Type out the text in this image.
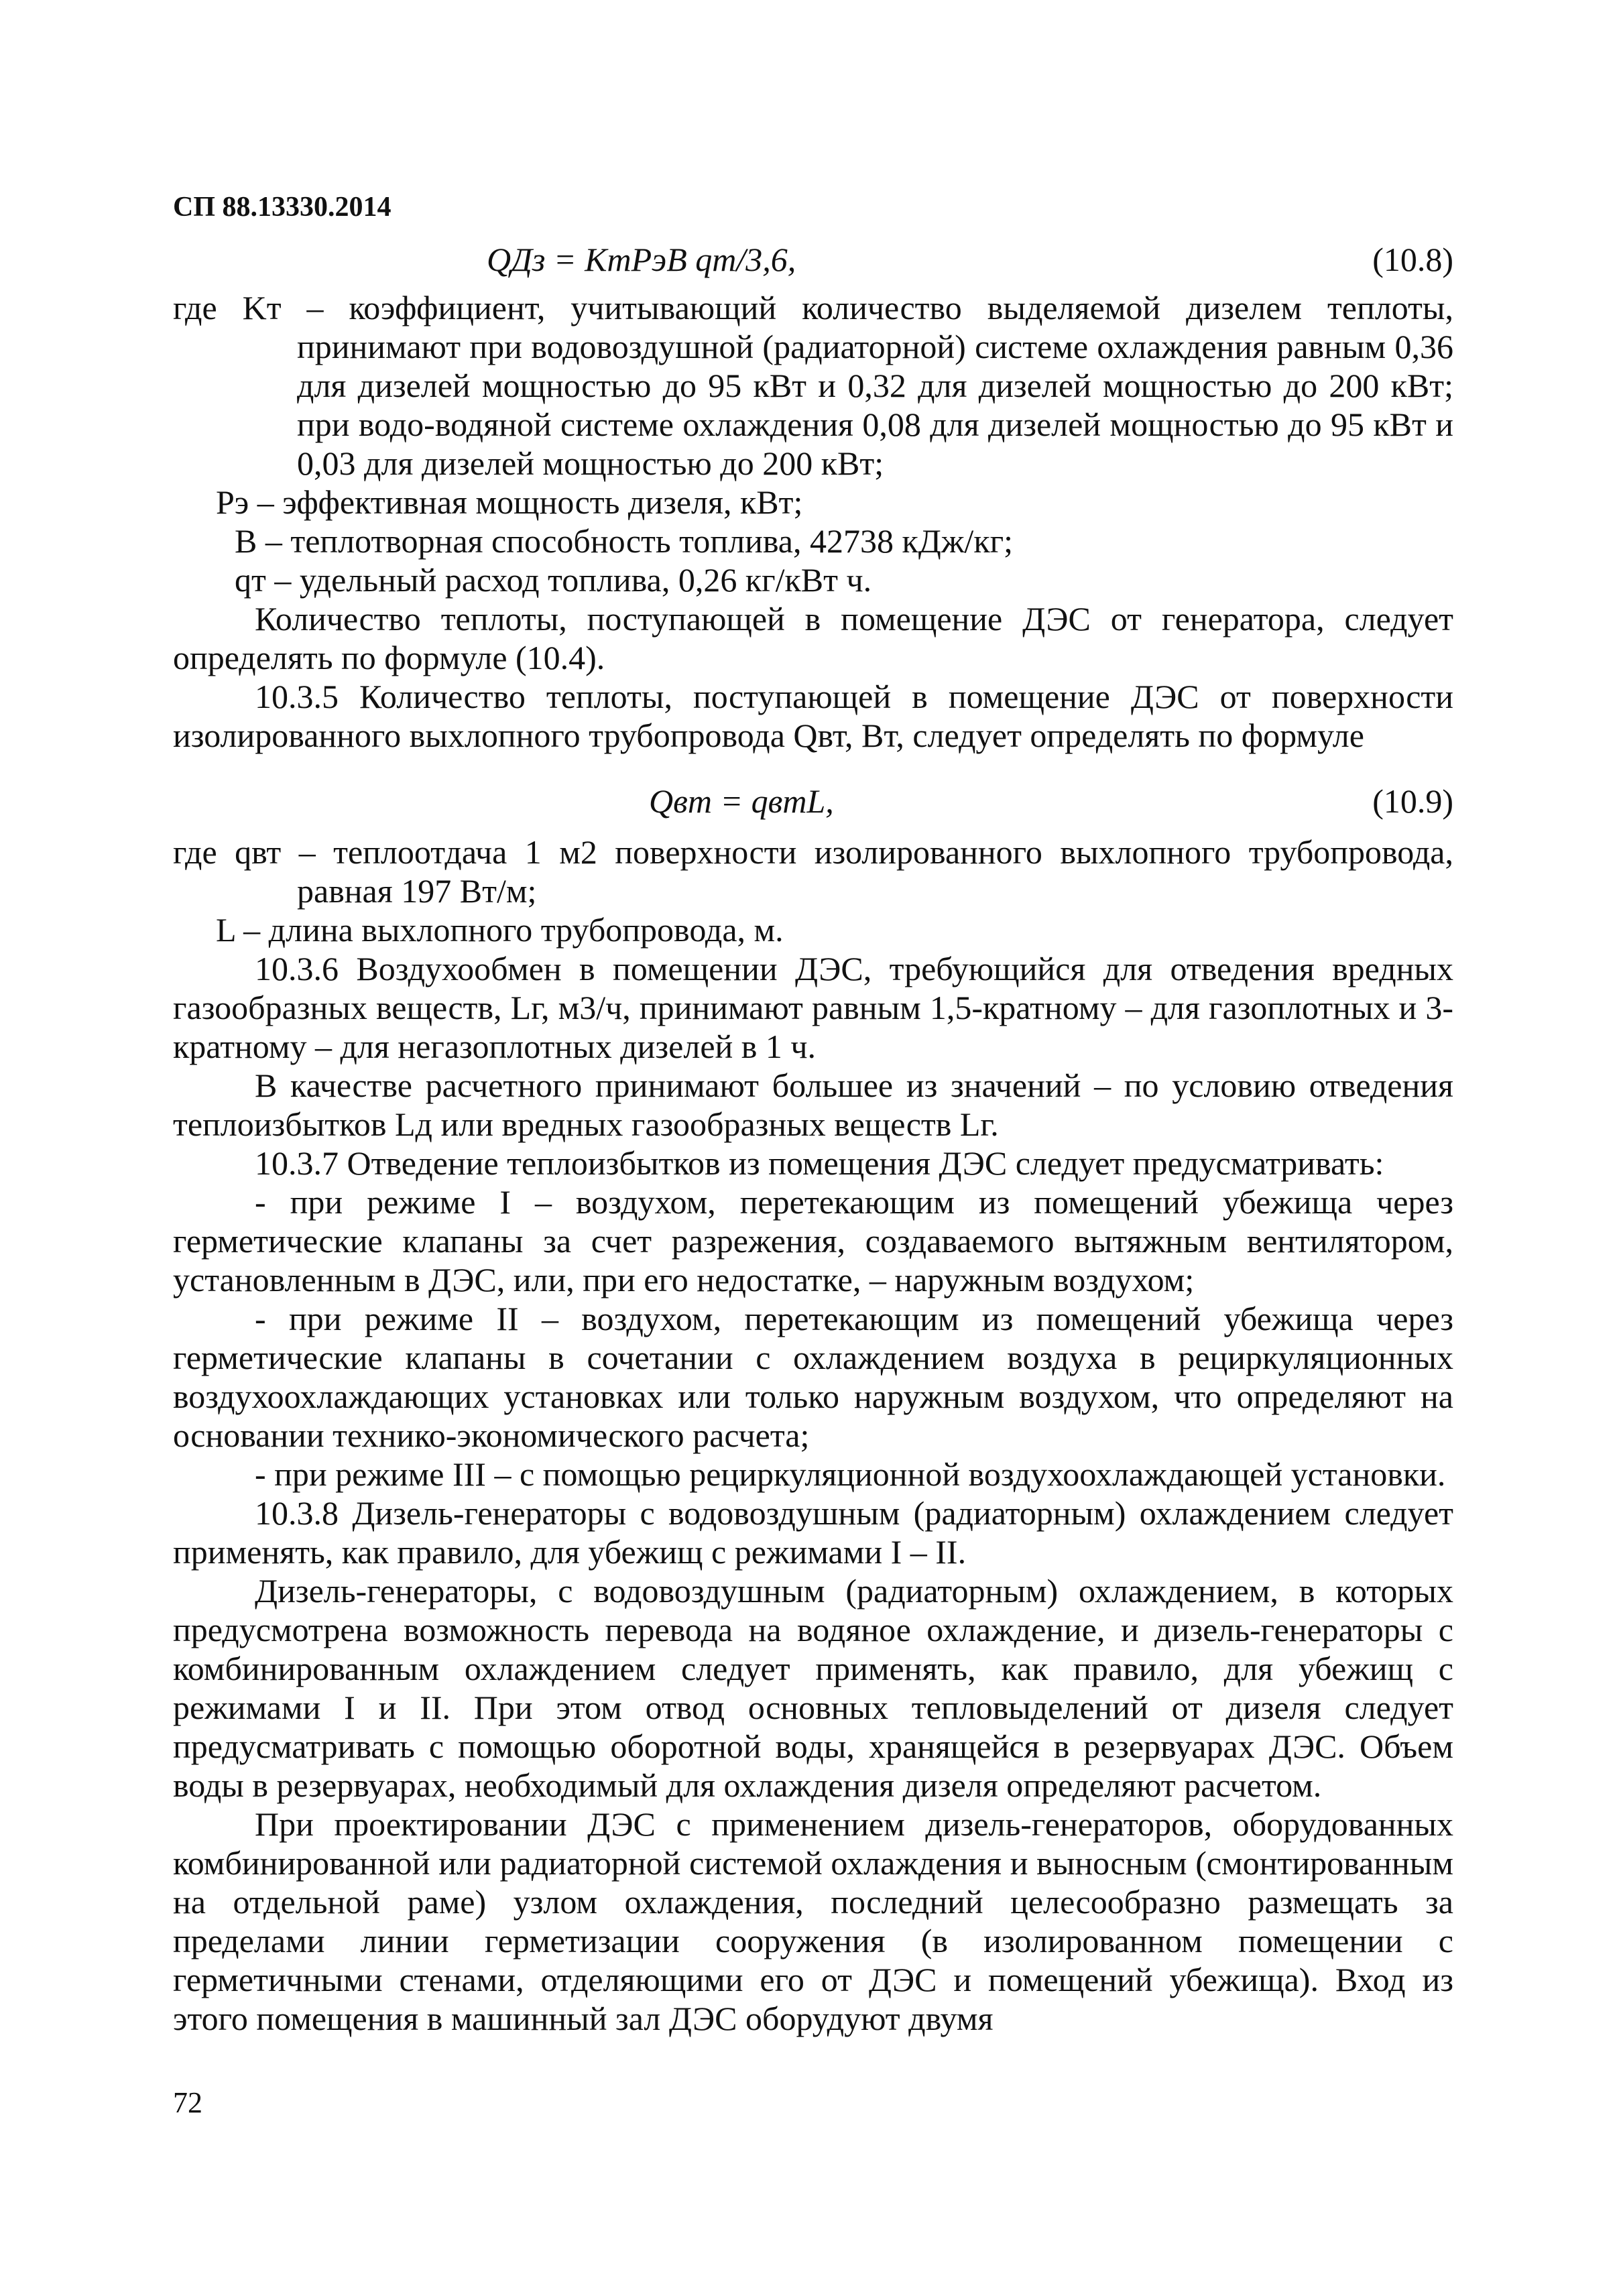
СП 88.13330.2014
QДз = KтPэB qт/3,6,	(10.8)

где Kт – коэффициент, учитывающий количество выделяемой дизелем теплоты, принимают при водовоздушной (радиаторной) системе охлаждения равным 0,36 для дизелей мощностью до 95 кВт и 0,32 для дизелей мощностью до 200 кВт; при водо-водяной системе охлаждения 0,08 для дизелей мощностью до 95 кВт и 0,03 для дизелей мощностью до 200 кВт;

Pэ – эффективная мощность дизеля, кВт;

B – теплотворная способность топлива, 42738 кДж/кг;

qт – удельный расход топлива, 0,26 кг/кВт ч.

Количество теплоты, поступающей в помещение ДЭС от генератора, следует определять по формуле (10.4).

10.3.5 Количество теплоты, поступающей в помещение ДЭС от поверхности изолированного выхлопного трубопровода Qвт, Вт, следует определять по формуле

Qвт = qвтL,	(10.9)

где qвт – теплоотдача 1 м2 поверхности изолированного выхлопного трубопровода, равная 197 Вт/м;

L – длина выхлопного трубопровода, м.

10.3.6 Воздухообмен в помещении ДЭС, требующийся для отведения вредных газообразных веществ, Lг, м3/ч, принимают равным 1,5-кратному – для газоплотных и 3-кратному – для негазоплотных дизелей в 1 ч.

В качестве расчетного принимают большее из значений – по условию отведения теплоизбытков Lд или вредных газообразных веществ Lг.

10.3.7 Отведение теплоизбытков из помещения ДЭС следует предусматривать:

- при режиме I – воздухом, перетекающим из помещений убежища через герметические клапаны за счет разрежения, создаваемого вытяжным вентилятором, установленным в ДЭС, или, при его недостатке, – наружным воздухом;

- при режиме II – воздухом, перетекающим из помещений убежища через герметические клапаны в сочетании с охлаждением воздуха в рециркуляционных воздухоохлаждающих установках или только наружным воздухом, что определяют на основании технико-экономического расчета;

- при режиме III – с помощью рециркуляционной воздухоохлаждающей установки.

10.3.8 Дизель-генераторы с водовоздушным (радиаторным) охлаждением следует применять, как правило, для убежищ с режимами I – II.

Дизель-генераторы, с водовоздушным (радиаторным) охлаждением, в которых предусмотрена возможность перевода на водяное охлаждение, и дизель-генераторы с комбинированным охлаждением следует применять, как правило, для убежищ с режимами I и II. При этом отвод основных тепловыделений от дизеля следует предусматривать с помощью оборотной воды, хранящейся в резервуарах ДЭС. Объем воды в резервуарах, необходимый для охлаждения дизеля определяют расчетом.

При проектировании ДЭС с применением дизель-генераторов, оборудованных комбинированной или радиаторной системой охлаждения и выносным (смонтированным на отдельной раме) узлом охлаждения, последний целесообразно размещать за пределами линии герметизации сооружения (в изолированном помещении с герметичными стенами, отделяющими его от ДЭС и помещений убежища). Вход из этого помещения в машинный зал ДЭС оборудуют двумя

72
